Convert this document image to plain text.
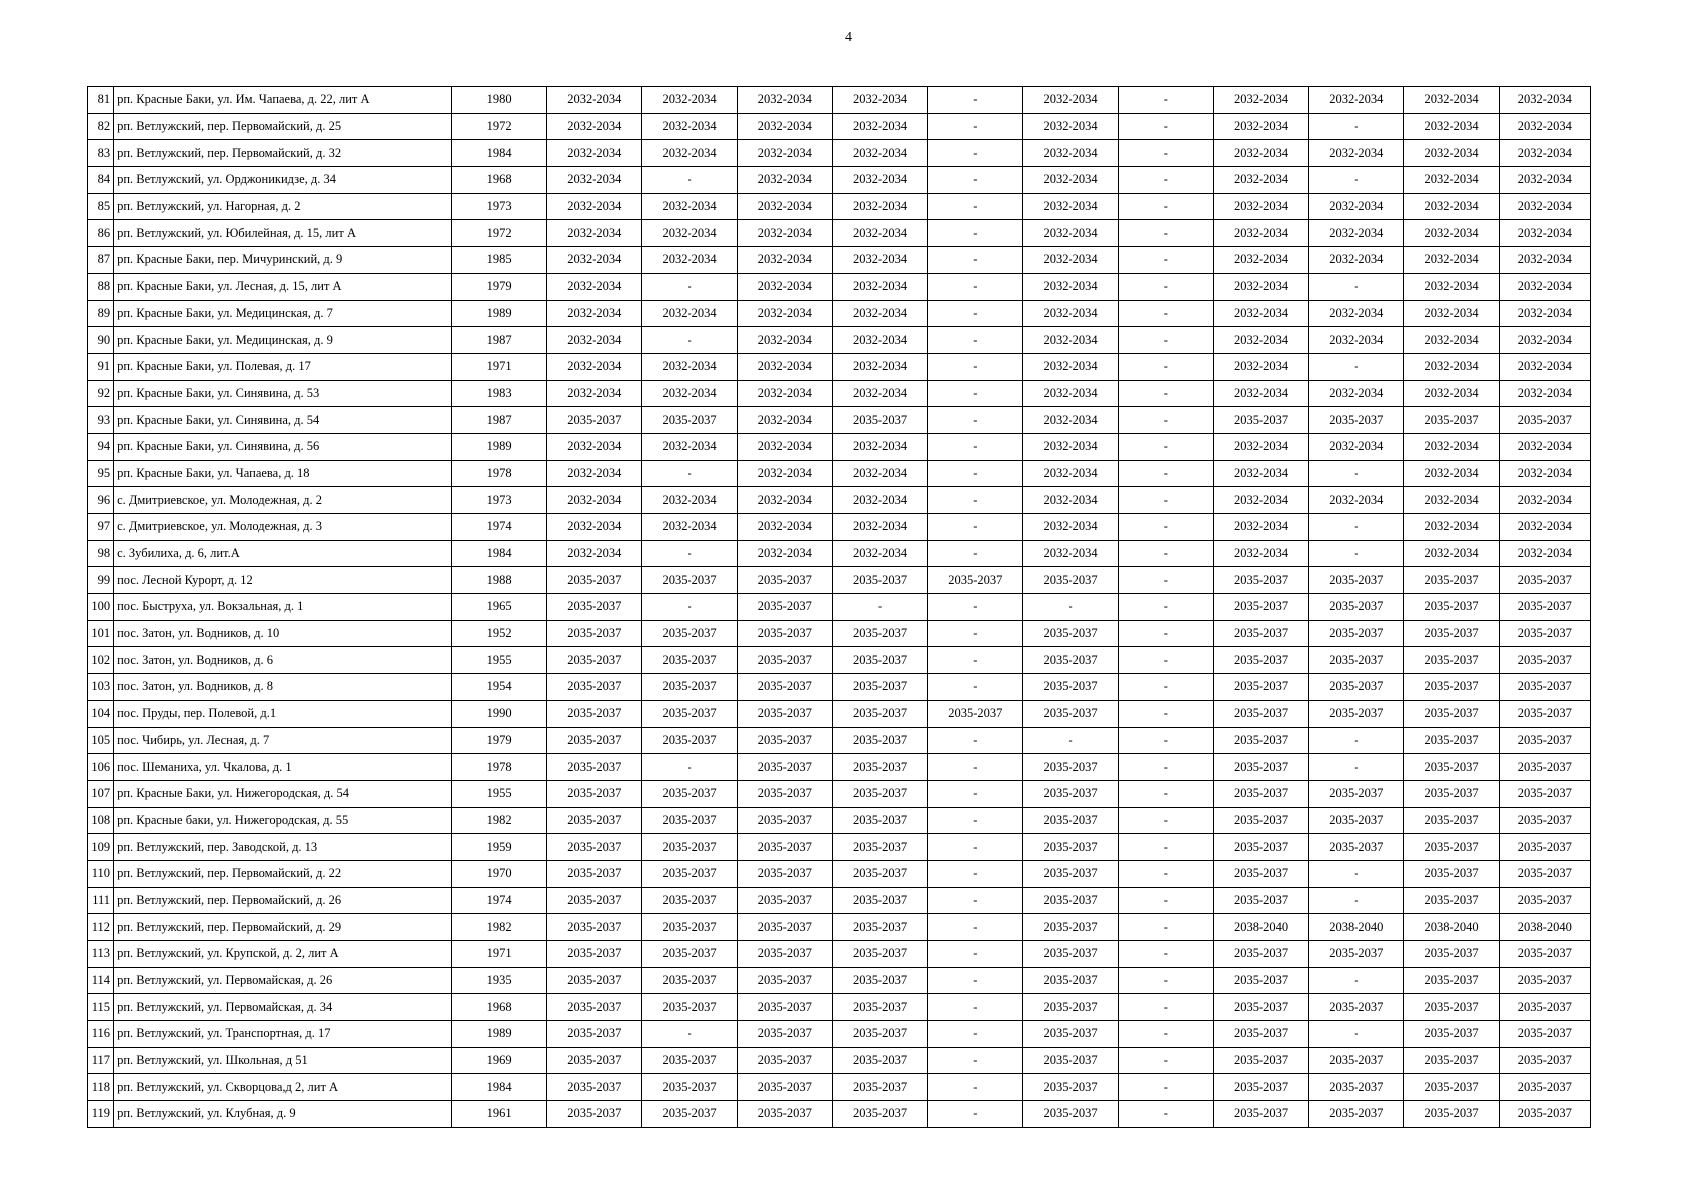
4
81	рп. Красные Баки, ул. Им. Чапаева, д. 22, лит А	1980	2032-2034	2032-2034	2032-2034	2032-2034	-	2032-2034	-	2032-2034	2032-2034	2032-2034	2032-2034
82	рп. Ветлужский, пер. Первомайский, д. 25	1972	2032-2034	2032-2034	2032-2034	2032-2034	-	2032-2034	-	2032-2034	-	2032-2034	2032-2034
83	рп. Ветлужский, пер. Первомайский, д. 32	1984	2032-2034	2032-2034	2032-2034	2032-2034	-	2032-2034	-	2032-2034	2032-2034	2032-2034	2032-2034
84	рп. Ветлужский, ул. Орджоникидзе, д. 34	1968	2032-2034	-	2032-2034	2032-2034	-	2032-2034	-	2032-2034	-	2032-2034	2032-2034
85	рп. Ветлужский, ул. Нагорная, д. 2	1973	2032-2034	2032-2034	2032-2034	2032-2034	-	2032-2034	-	2032-2034	2032-2034	2032-2034	2032-2034
86	рп. Ветлужский, ул. Юбилейная, д. 15, лит А	1972	2032-2034	2032-2034	2032-2034	2032-2034	-	2032-2034	-	2032-2034	2032-2034	2032-2034	2032-2034
87	рп. Красные Баки, пер. Мичуринский, д. 9	1985	2032-2034	2032-2034	2032-2034	2032-2034	-	2032-2034	-	2032-2034	2032-2034	2032-2034	2032-2034
88	рп. Красные Баки, ул. Лесная, д. 15, лит А	1979	2032-2034	-	2032-2034	2032-2034	-	2032-2034	-	2032-2034	-	2032-2034	2032-2034
89	рп. Красные Баки, ул. Медицинская, д. 7	1989	2032-2034	2032-2034	2032-2034	2032-2034	-	2032-2034	-	2032-2034	2032-2034	2032-2034	2032-2034
90	рп. Красные Баки, ул. Медицинская, д. 9	1987	2032-2034	-	2032-2034	2032-2034	-	2032-2034	-	2032-2034	2032-2034	2032-2034	2032-2034
91	рп. Красные Баки, ул. Полевая, д. 17	1971	2032-2034	2032-2034	2032-2034	2032-2034	-	2032-2034	-	2032-2034	-	2032-2034	2032-2034
92	рп. Красные Баки, ул. Синявина, д. 53	1983	2032-2034	2032-2034	2032-2034	2032-2034	-	2032-2034	-	2032-2034	2032-2034	2032-2034	2032-2034
93	рп. Красные Баки, ул. Синявина, д. 54	1987	2035-2037	2035-2037	2032-2034	2035-2037	-	2032-2034	-	2035-2037	2035-2037	2035-2037	2035-2037
94	рп. Красные Баки, ул. Синявина, д. 56	1989	2032-2034	2032-2034	2032-2034	2032-2034	-	2032-2034	-	2032-2034	2032-2034	2032-2034	2032-2034
95	рп. Красные Баки, ул. Чапаева, д. 18	1978	2032-2034	-	2032-2034	2032-2034	-	2032-2034	-	2032-2034	-	2032-2034	2032-2034
96	с. Дмитриевское, ул. Молодежная, д. 2	1973	2032-2034	2032-2034	2032-2034	2032-2034	-	2032-2034	-	2032-2034	2032-2034	2032-2034	2032-2034
97	с. Дмитриевское, ул. Молодежная, д. 3	1974	2032-2034	2032-2034	2032-2034	2032-2034	-	2032-2034	-	2032-2034	-	2032-2034	2032-2034
98	с. Зубилиха, д. 6, лит.А	1984	2032-2034	-	2032-2034	2032-2034	-	2032-2034	-	2032-2034	-	2032-2034	2032-2034
99	пос. Лесной Курорт, д. 12	1988	2035-2037	2035-2037	2035-2037	2035-2037	2035-2037	2035-2037	-	2035-2037	2035-2037	2035-2037	2035-2037
100	пос. Быструха, ул. Вокзальная, д. 1	1965	2035-2037	-	2035-2037	-	-	-	-	2035-2037	2035-2037	2035-2037	2035-2037
101	пос. Затон, ул. Водников, д. 10	1952	2035-2037	2035-2037	2035-2037	2035-2037	-	2035-2037	-	2035-2037	2035-2037	2035-2037	2035-2037
102	пос. Затон, ул. Водников, д. 6	1955	2035-2037	2035-2037	2035-2037	2035-2037	-	2035-2037	-	2035-2037	2035-2037	2035-2037	2035-2037
103	пос. Затон, ул. Водников, д. 8	1954	2035-2037	2035-2037	2035-2037	2035-2037	-	2035-2037	-	2035-2037	2035-2037	2035-2037	2035-2037
104	пос. Пруды, пер. Полевой, д.1	1990	2035-2037	2035-2037	2035-2037	2035-2037	2035-2037	2035-2037	-	2035-2037	2035-2037	2035-2037	2035-2037
105	пос. Чибирь, ул. Лесная, д. 7	1979	2035-2037	2035-2037	2035-2037	2035-2037	-	-	-	2035-2037	-	2035-2037	2035-2037
106	пос. Шеманиха, ул. Чкалова, д. 1	1978	2035-2037	-	2035-2037	2035-2037	-	2035-2037	-	2035-2037	-	2035-2037	2035-2037
107	рп. Красные Баки, ул. Нижегородская, д. 54	1955	2035-2037	2035-2037	2035-2037	2035-2037	-	2035-2037	-	2035-2037	2035-2037	2035-2037	2035-2037
108	рп. Красные баки, ул. Нижегородская, д. 55	1982	2035-2037	2035-2037	2035-2037	2035-2037	-	2035-2037	-	2035-2037	2035-2037	2035-2037	2035-2037
109	рп. Ветлужский, пер. Заводской, д. 13	1959	2035-2037	2035-2037	2035-2037	2035-2037	-	2035-2037	-	2035-2037	2035-2037	2035-2037	2035-2037
110	рп. Ветлужский, пер. Первомайский, д. 22	1970	2035-2037	2035-2037	2035-2037	2035-2037	-	2035-2037	-	2035-2037	-	2035-2037	2035-2037
111	рп. Ветлужский, пер. Первомайский, д. 26	1974	2035-2037	2035-2037	2035-2037	2035-2037	-	2035-2037	-	2035-2037	-	2035-2037	2035-2037
112	рп. Ветлужский, пер. Первомайский, д. 29	1982	2035-2037	2035-2037	2035-2037	2035-2037	-	2035-2037	-	2038-2040	2038-2040	2038-2040	2038-2040
113	рп. Ветлужский, ул. Крупской, д. 2, лит А	1971	2035-2037	2035-2037	2035-2037	2035-2037	-	2035-2037	-	2035-2037	2035-2037	2035-2037	2035-2037
114	рп. Ветлужский, ул. Первомайская, д. 26	1935	2035-2037	2035-2037	2035-2037	2035-2037	-	2035-2037	-	2035-2037	-	2035-2037	2035-2037
115	рп. Ветлужский, ул. Первомайская, д. 34	1968	2035-2037	2035-2037	2035-2037	2035-2037	-	2035-2037	-	2035-2037	2035-2037	2035-2037	2035-2037
116	рп. Ветлужский, ул. Транспортная, д. 17	1989	2035-2037	-	2035-2037	2035-2037	-	2035-2037	-	2035-2037	-	2035-2037	2035-2037
117	рп. Ветлужский, ул. Школьная, д 51	1969	2035-2037	2035-2037	2035-2037	2035-2037	-	2035-2037	-	2035-2037	2035-2037	2035-2037	2035-2037
118	рп. Ветлужский, ул. Скворцова,д 2, лит А	1984	2035-2037	2035-2037	2035-2037	2035-2037	-	2035-2037	-	2035-2037	2035-2037	2035-2037	2035-2037
119	рп. Ветлужский, ул. Клубная, д. 9	1961	2035-2037	2035-2037	2035-2037	2035-2037	-	2035-2037	-	2035-2037	2035-2037	2035-2037	2035-2037
